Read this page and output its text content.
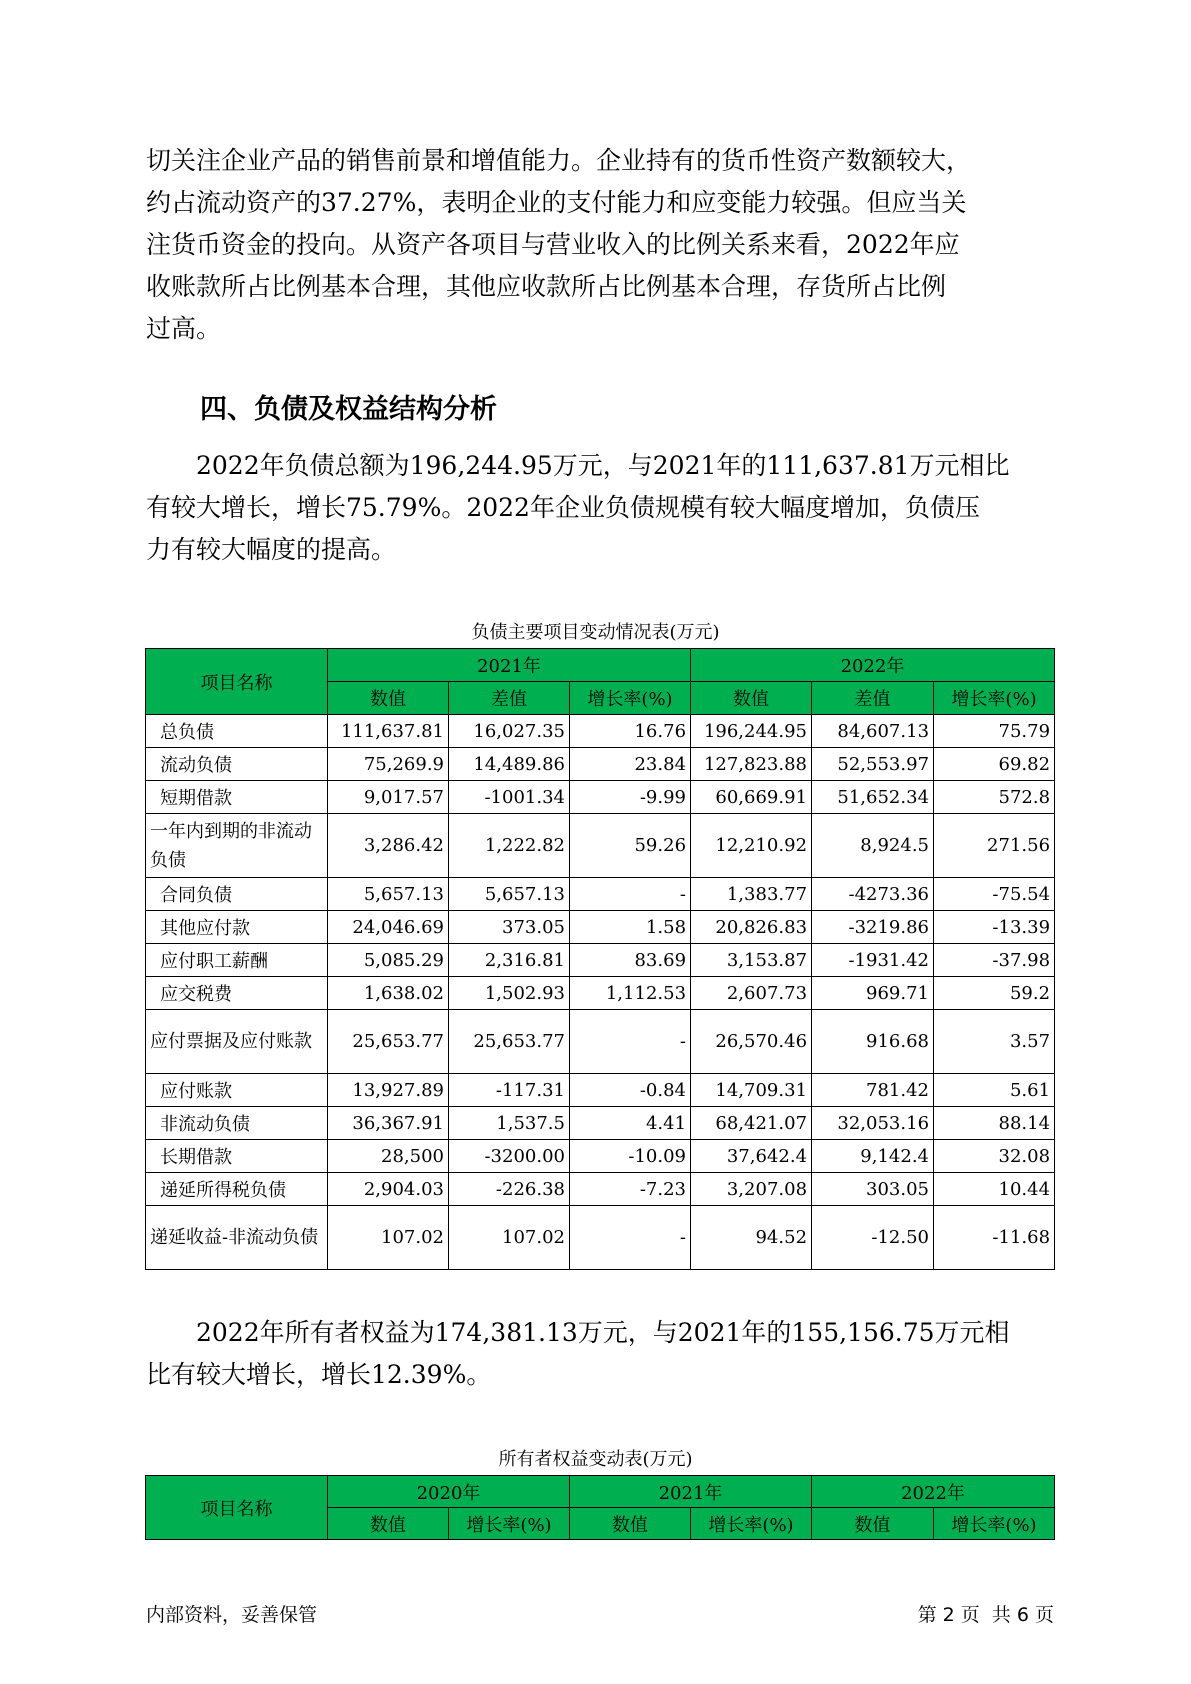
切关注企业产品的销售前景和增值能力。企业持有的货币性资产数额较大，
约占流动资产的37.27%，表明企业的支付能力和应变能力较强。但应当关
注货币资金的投向。从资产各项目与营业收入的比例关系来看，2022年应
收账款所占比例基本合理，其他应收款所占比例基本合理，存货所占比例
过高。

四、负债及权益结构分析

2022年负债总额为196,244.95万元，与2021年的111,637.81万元相比
有较大增长，增长75.79%。2022年企业负债规模有较大幅度增加，负债压
力有较大幅度的提高。

负债主要项目变动情况表(万元)
项目名称	2021年			2022年		
	数值	差值	增长率(%)	数值	差值	增长率(%)
总负债	111,637.81	16,027.35	16.76	196,244.95	84,607.13	75.79
流动负债	75,269.9	14,489.86	23.84	127,823.88	52,553.97	69.82
短期借款	9,017.57	-1001.34	-9.99	60,669.91	51,652.34	572.8
一年内到期的非流动负债	3,286.42	1,222.82	59.26	12,210.92	8,924.5	271.56
合同负债	5,657.13	5,657.13	-	1,383.77	-4273.36	-75.54
其他应付款	24,046.69	373.05	1.58	20,826.83	-3219.86	-13.39
应付职工薪酬	5,085.29	2,316.81	83.69	3,153.87	-1931.42	-37.98
应交税费	1,638.02	1,502.93	1,112.53	2,607.73	969.71	59.2
应付票据及应付账款	25,653.77	25,653.77	-	26,570.46	916.68	3.57
应付账款	13,927.89	-117.31	-0.84	14,709.31	781.42	5.61
非流动负债	36,367.91	1,537.5	4.41	68,421.07	32,053.16	88.14
长期借款	28,500	-3200.00	-10.09	37,642.4	9,142.4	32.08
递延所得税负债	2,904.03	-226.38	-7.23	3,207.08	303.05	10.44
递延收益-非流动负债	107.02	107.02	-	94.52	-12.50	-11.68

2022年所有者权益为174,381.13万元，与2021年的155,156.75万元相
比有较大增长，增长12.39%。

所有者权益变动表(万元)
项目名称	2020年		2021年		2022年	
	数值	增长率(%)	数值	增长率(%)	数值	增长率(%)
内部资料，妥善保管	第 2 页  共 6 页
